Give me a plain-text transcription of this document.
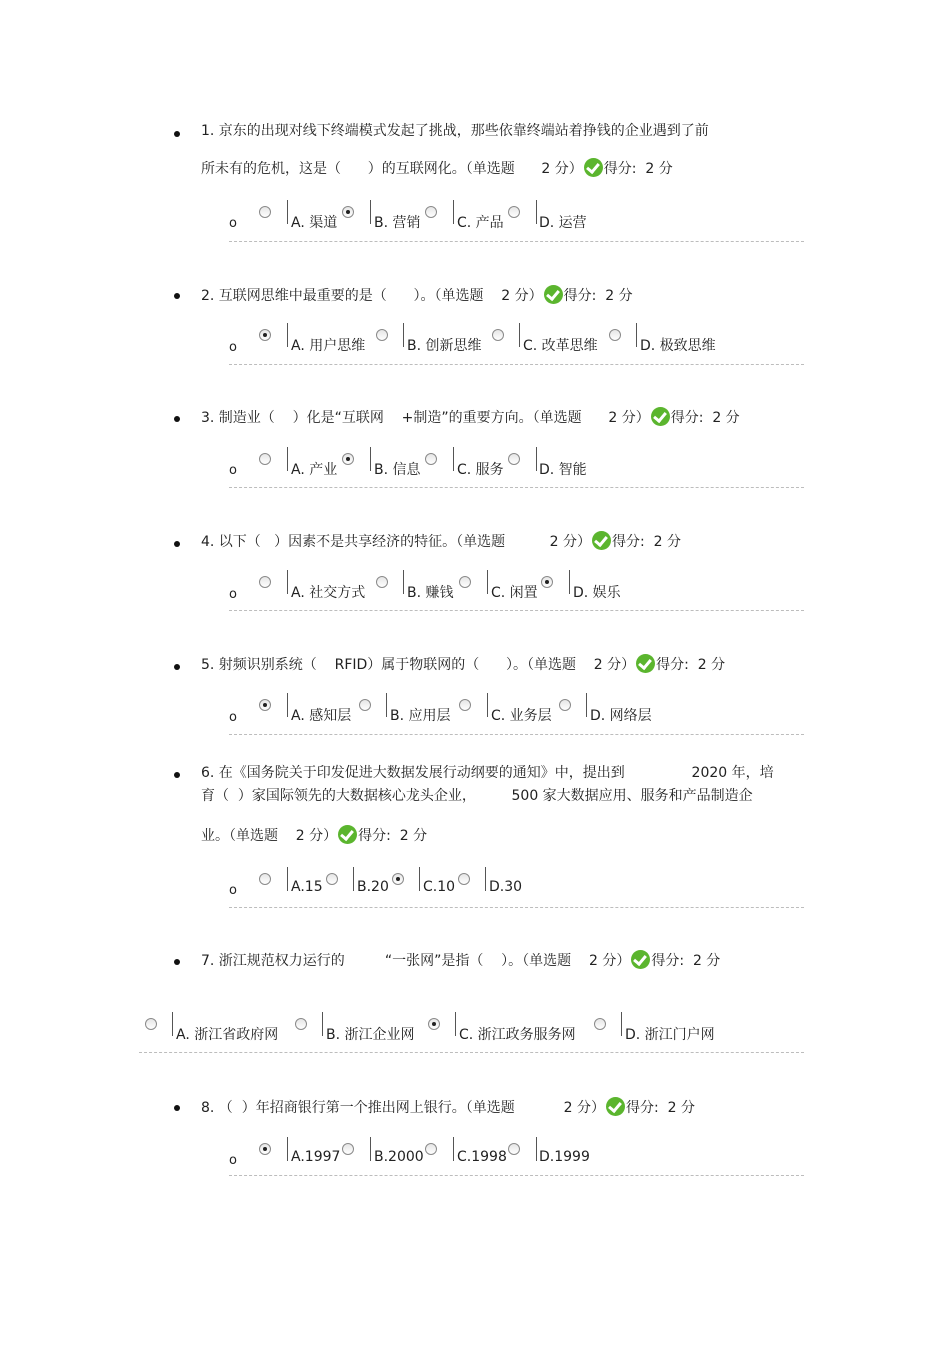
1. 京东的出现对线下终端模式发起了挑战，那些依靠终端站着挣钱的企业遇到了前
所未有的危机，这是（      ）的互联网化。（单选题      2 分） 得分: 2 分
o	A. 渠道	B. 营销	C. 产品	D. 运营
2. 互联网思维中最重要的是（      ）。（单选题    2 分） 得分: 2 分
o	A. 用户思维	B. 创新思维	C. 改革思维	D. 极致思维
3. 制造业（    ）化是“互联网    +制造”的重要方向。（单选题      2 分） 得分: 2 分
o	A. 产业	B. 信息	C. 服务	D. 智能
4. 以下（   ）因素不是共享经济的特征。（单选题          2 分） 得分: 2 分
o	A. 社交方式	B. 赚钱	C. 闲置	D. 娱乐
5. 射频识别系统（    RFID）属于物联网的（      ）。（单选题    2 分） 得分: 2 分
o	A. 感知层	B. 应用层	C. 业务层	D. 网络层
6. 在《国务院关于印发促进大数据发展行动纲要的通知》中，提出到               2020 年，培
育（  ）家国际领先的大数据核心龙头企业，        500 家大数据应用、服务和产品制造企
业。（单选题    2 分） 得分: 2 分
o	A.15 B.20 C.10 D.30
7. 浙江规范权力运行的         “一张网”是指（    ）。（单选题    2 分） 得分: 2 分
A. 浙江省政府网	B. 浙江企业网	C. 浙江政务服务网	D. 浙江门户网
8. （  ）年招商银行第一个推出网上银行。（单选题           2 分） 得分: 2 分
o	A.1997 B.2000 C.1998 D.1999
